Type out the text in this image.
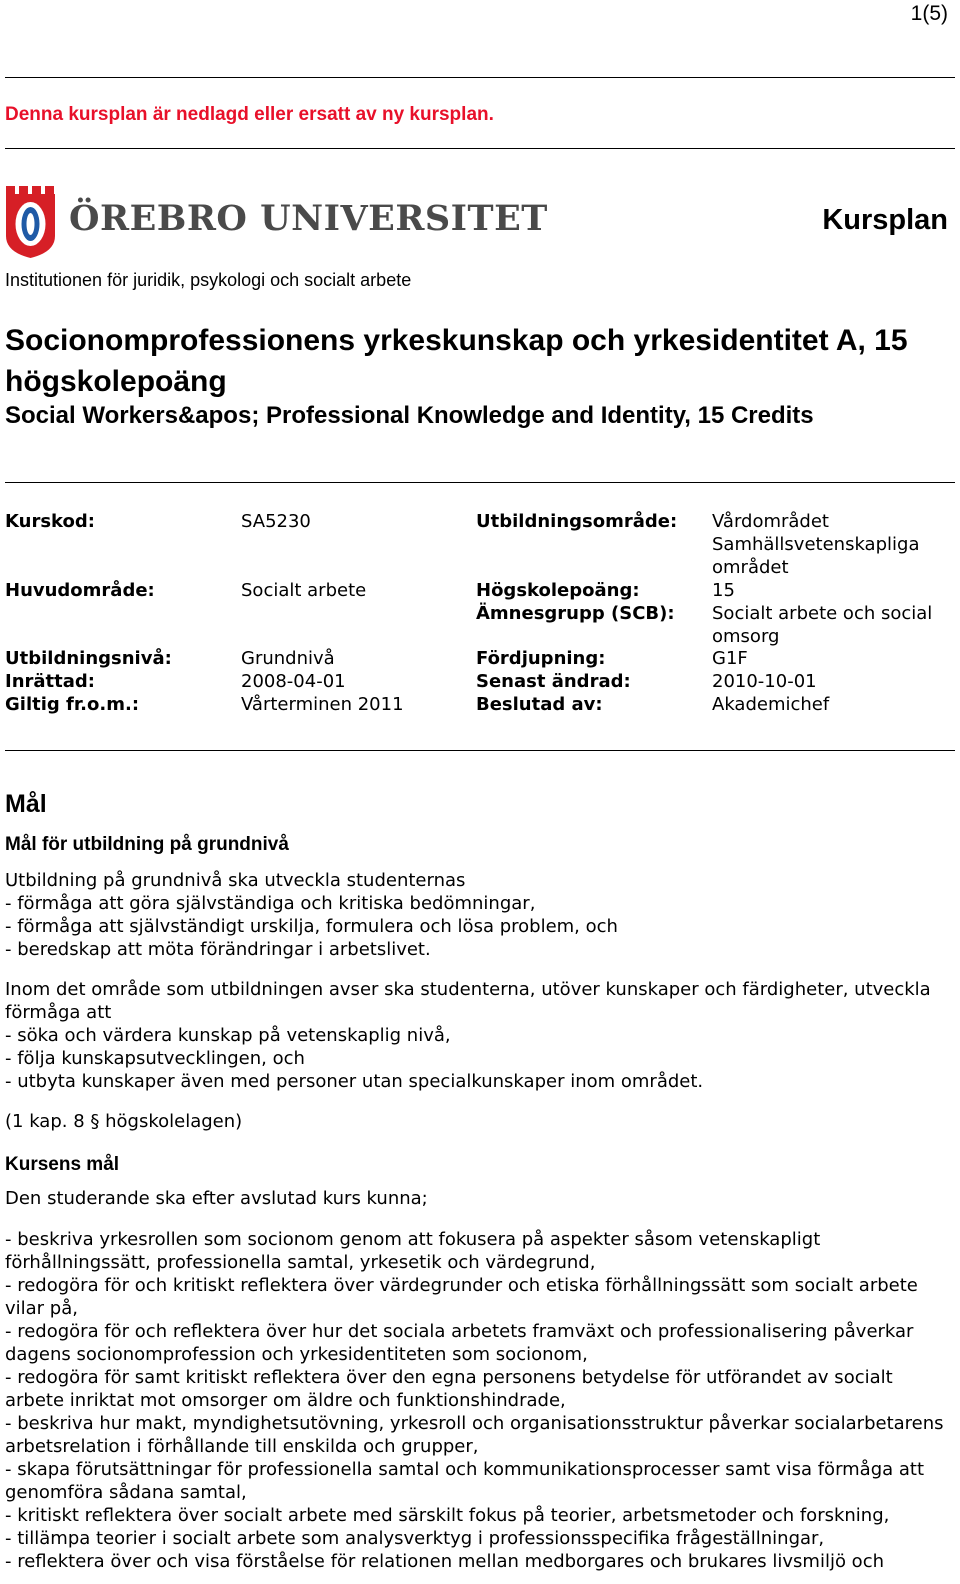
1(5)
Denna kursplan är nedlagd eller ersatt av ny kursplan.
ÖREBRO UNIVERSITET	Kursplan
Institutionen för juridik, psykologi och socialt arbete
Socionomprofessionens yrkeskunskap och yrkesidentitet A, 15 högskolepoäng
Social Workers&apos; Professional Knowledge and Identity, 15 Credits
Kurskod:	SA5230	Utbildningsområde: Vårdområdet
Samhällsvetenskapliga området
Huvudområde:	Socialt arbete	Högskolepoäng:	15
Ämnesgrupp (SCB): Socialt arbete och social omsorg
Utbildningsnivå:	Grundnivå	Fördjupning:	G1F
Inrättad:	2008-04-01	Senast ändrad:	2010-10-01
Giltig fr.o.m.:	Vårterminen 2011	Beslutad av:	Akademichef
Mål
Mål för utbildning på grundnivå

Utbildning på grundnivå ska utveckla studenternas
- förmåga att göra självständiga och kritiska bedömningar,
- förmåga att självständigt urskilja, formulera och lösa problem, och
- beredskap att möta förändringar i arbetslivet.

Inom det område som utbildningen avser ska studenterna, utöver kunskaper och färdigheter, utveckla förmåga att
- söka och värdera kunskap på vetenskaplig nivå,
- följa kunskapsutvecklingen, och
- utbyta kunskaper även med personer utan specialkunskaper inom området.

(1 kap. 8 § högskolelagen)

Kursens mål

Den studerande ska efter avslutad kurs kunna;

- beskriva yrkesrollen som socionom genom att fokusera på aspekter såsom vetenskapligt förhållningssätt, professionella samtal, yrkesetik och värdegrund,
- redogöra för och kritiskt reflektera över värdegrunder och etiska förhållningssätt som socialt arbete vilar på,
- redogöra för och reflektera över hur det sociala arbetets framväxt och professionalisering påverkar dagens socionomprofession och yrkesidentiteten som socionom,
- redogöra för samt kritiskt reflektera över den egna personens betydelse för utförandet av socialt arbete inriktat mot omsorger om äldre och funktionshindrade,
- beskriva hur makt, myndighetsutövning, yrkesroll och organisationsstruktur påverkar socialarbetarens arbetsrelation i förhållande till enskilda och grupper,
- skapa förutsättningar för professionella samtal och kommunikationsprocesser samt visa förmåga att genomföra sådana samtal,
- kritiskt reflektera över socialt arbete med särskilt fokus på teorier, arbetsmetoder och forskning,
- tillämpa teorier i socialt arbete som analysverktyg i professionsspecifika frågeställningar,
- reflektera över och visa förståelse för relationen mellan medborgares och brukares livsmiljö och
